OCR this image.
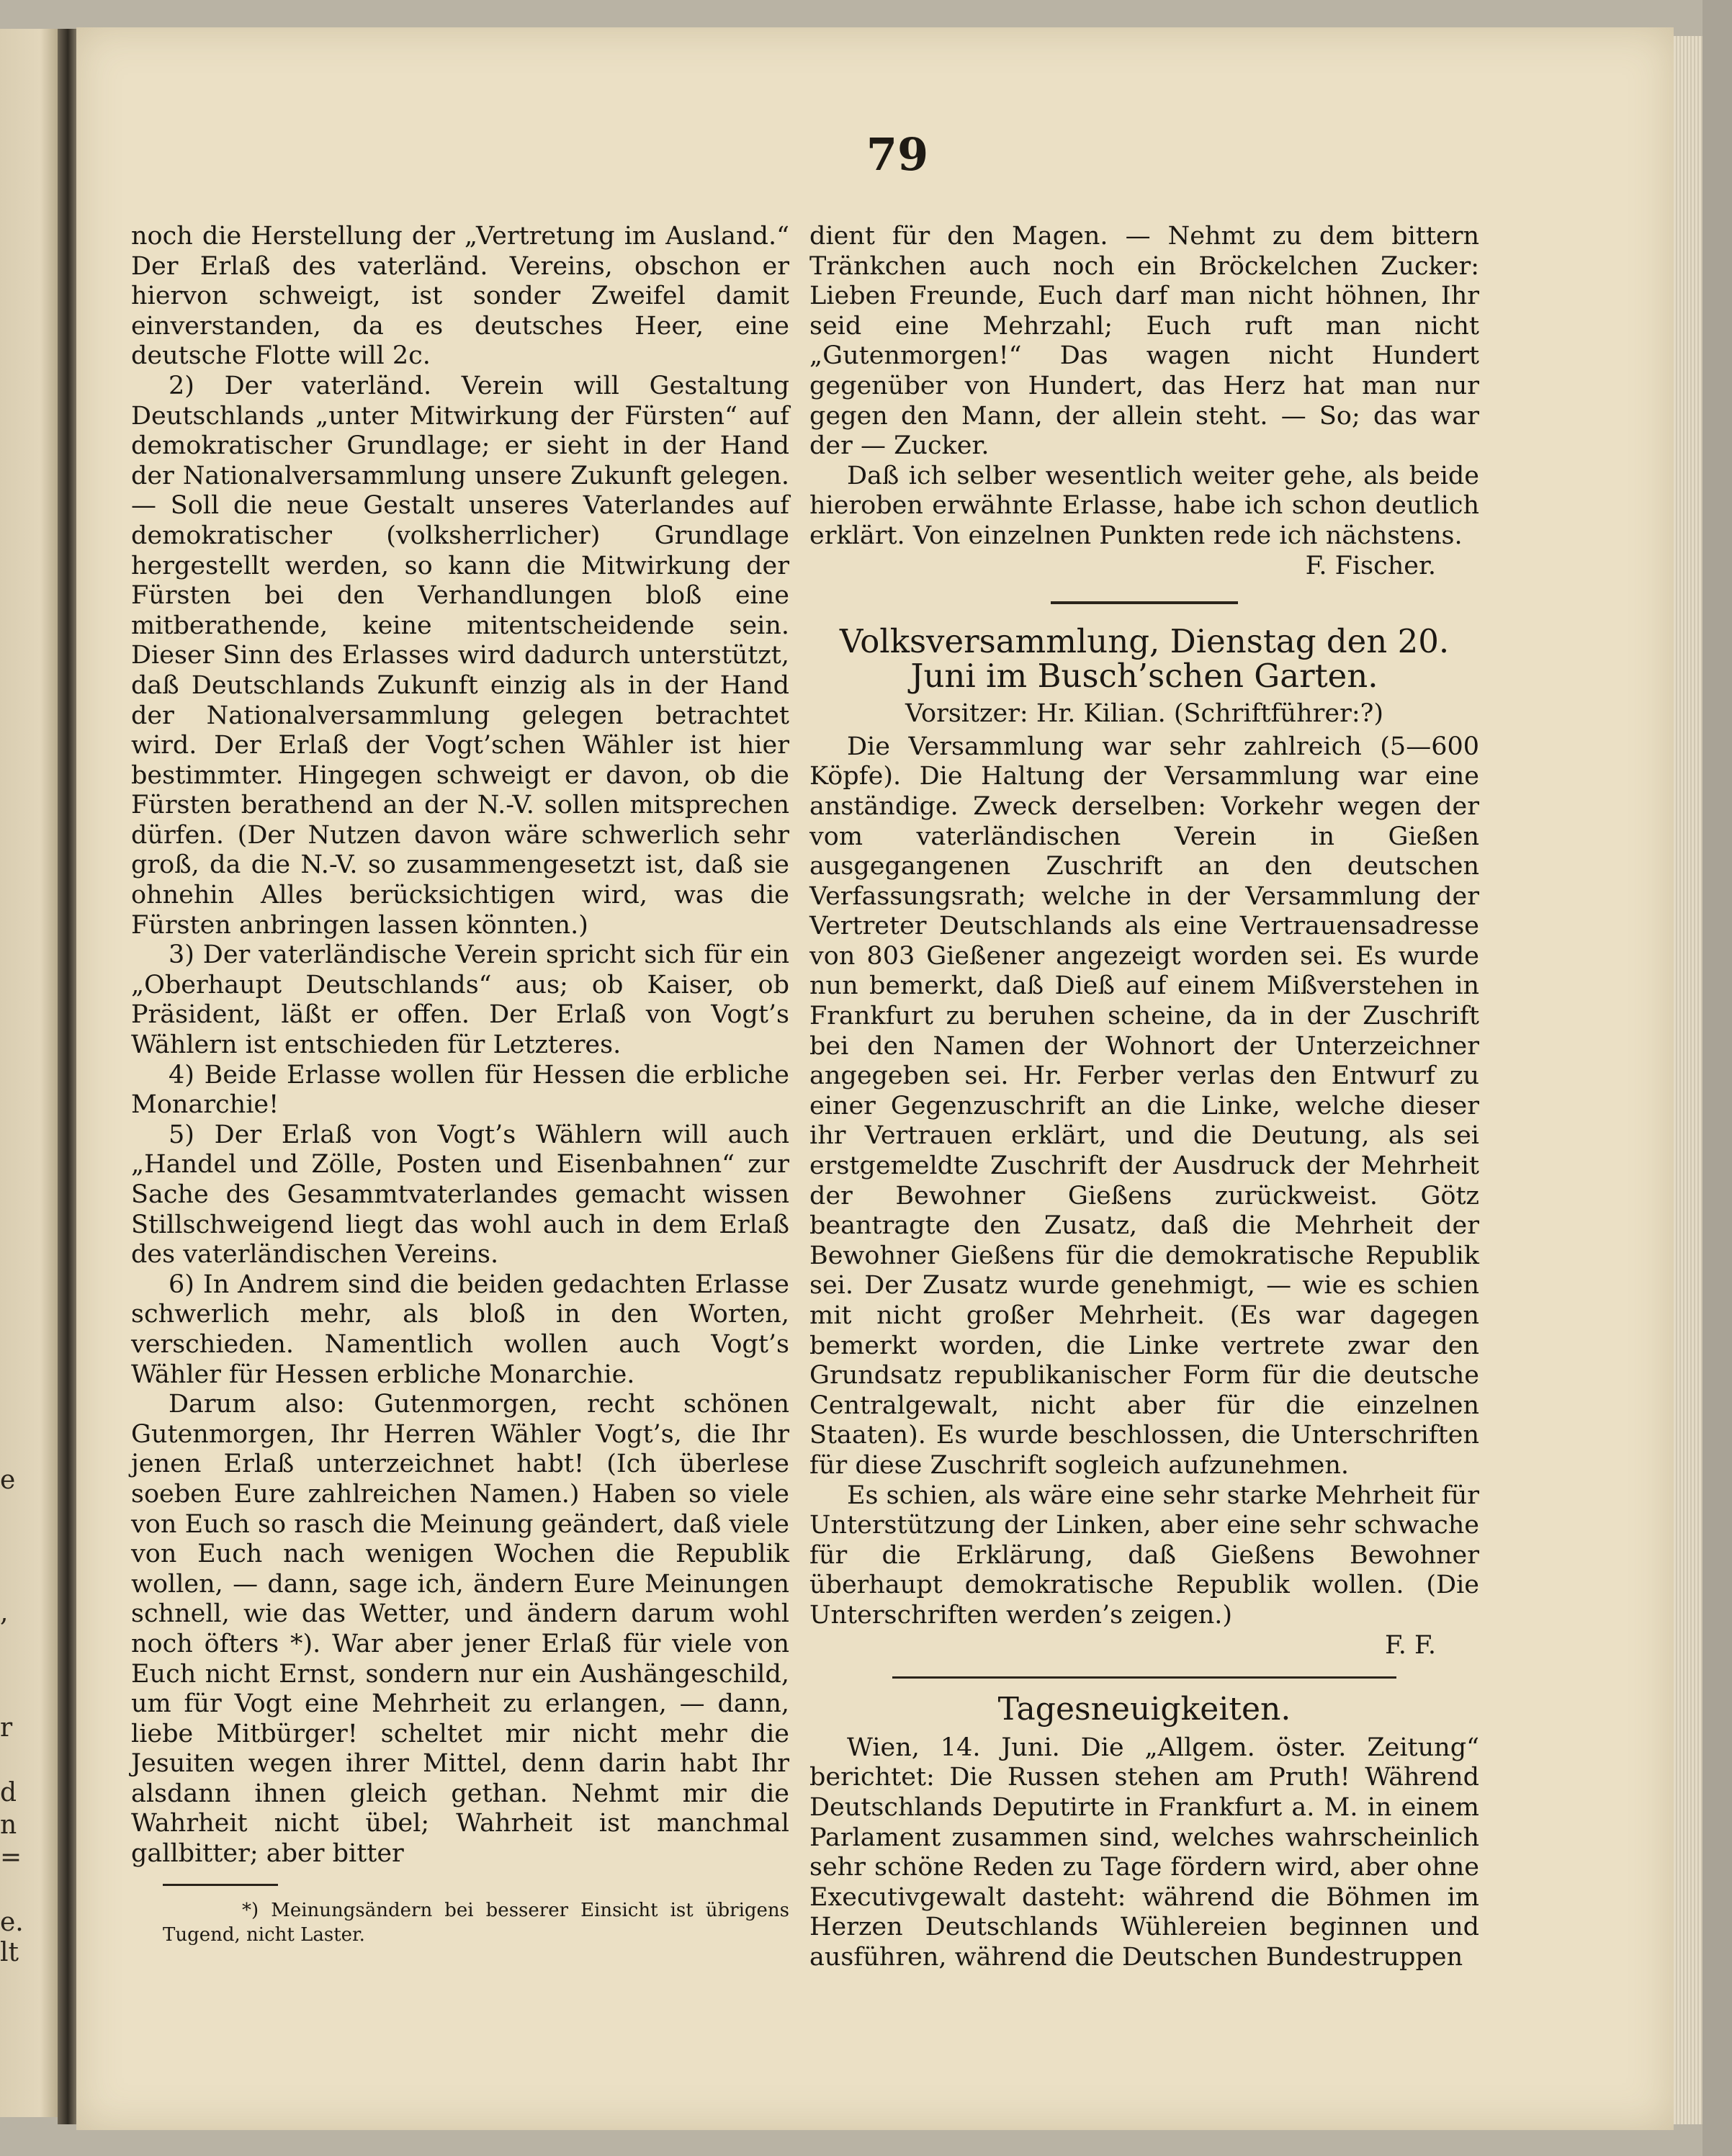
e
,
r
d
n
=
e.
lt
79

noch die Herstellung der „Vertretung im Ausland.“ Der Erlaß des vaterländ. Vereins, obschon er hiervon schweigt, ist sonder Zweifel damit einverstanden, da es deutsches Heer, eine deutsche Flotte will 2c.

2) Der vaterländ. Verein will Gestaltung Deutschlands „unter Mitwirkung der Fürsten“ auf demokratischer Grundlage; er sieht in der Hand der Nationalversammlung unsere Zukunft gelegen. — Soll die neue Gestalt unseres Vaterlandes auf demokratischer (volksherrlicher) Grundlage hergestellt werden, so kann die Mitwirkung der Fürsten bei den Verhandlungen bloß eine mitberathende, keine mitentscheidende sein. Dieser Sinn des Erlasses wird dadurch unterstützt, daß Deutschlands Zukunft einzig als in der Hand der Nationalversammlung gelegen betrachtet wird. Der Erlaß der Vogt’schen Wähler ist hier bestimmter. Hingegen schweigt er davon, ob die Fürsten berathend an der N.-V. sollen mitsprechen dürfen. (Der Nutzen davon wäre schwerlich sehr groß, da die N.-V. so zusammengesetzt ist, daß sie ohnehin Alles berücksichtigen wird, was die Fürsten anbringen lassen könnten.)

3) Der vaterländische Verein spricht sich für ein „Oberhaupt Deutschlands“ aus; ob Kaiser, ob Präsident, läßt er offen. Der Erlaß von Vogt’s Wählern ist entschieden für Letzteres.

4) Beide Erlasse wollen für Hessen die erbliche Monarchie!

5) Der Erlaß von Vogt’s Wählern will auch „Handel und Zölle, Posten und Eisenbahnen“ zur Sache des Gesammtvaterlandes gemacht wissen Stillschweigend liegt das wohl auch in dem Erlaß des vaterländischen Vereins.

6) In Andrem sind die beiden gedachten Erlasse schwerlich mehr, als bloß in den Worten, verschieden. Namentlich wollen auch Vogt’s Wähler für Hessen erbliche Monarchie.

Darum also: Gutenmorgen, recht schönen Gutenmorgen, Ihr Herren Wähler Vogt’s, die Ihr jenen Erlaß unterzeichnet habt! (Ich überlese soeben Eure zahlreichen Namen.) Haben so viele von Euch so rasch die Meinung geändert, daß viele von Euch nach wenigen Wochen die Republik wollen, — dann, sage ich, ändern Eure Meinungen schnell, wie das Wetter, und ändern darum wohl noch öfters *). War aber jener Erlaß für viele von Euch nicht Ernst, sondern nur ein Aushängeschild, um für Vogt eine Mehrheit zu erlangen, — dann, liebe Mitbürger! scheltet mir nicht mehr die Jesuiten wegen ihrer Mittel, denn darin habt Ihr alsdann ihnen gleich gethan. Nehmt mir die Wahrheit nicht übel; Wahrheit ist manchmal gallbitter; aber bitter

*) Meinungsändern bei besserer Einsicht ist übrigens Tugend, nicht Laster.

dient für den Magen. — Nehmt zu dem bittern Tränkchen auch noch ein Bröckelchen Zucker: Lieben Freunde, Euch darf man nicht höhnen, Ihr seid eine Mehrzahl; Euch ruft man nicht „Gutenmorgen!“ Das wagen nicht Hundert gegenüber von Hundert, das Herz hat man nur gegen den Mann, der allein steht. — So; das war der — Zucker.

Daß ich selber wesentlich weiter gehe, als beide hieroben erwähnte Erlasse, habe ich schon deutlich erklärt. Von einzelnen Punkten rede ich nächstens.

F. Fischer.

Volksversammlung, Dienstag den 20. Juni im Busch’schen Garten.

Vorsitzer: Hr. Kilian. (Schriftführer:?)

Die Versammlung war sehr zahlreich (5—600 Köpfe). Die Haltung der Versammlung war eine anständige. Zweck derselben: Vorkehr wegen der vom vaterländischen Verein in Gießen ausgegangenen Zuschrift an den deutschen Verfassungsrath; welche in der Versammlung der Vertreter Deutschlands als eine Vertrauensadresse von 803 Gießener angezeigt worden sei. Es wurde nun bemerkt, daß Dieß auf einem Mißverstehen in Frankfurt zu beruhen scheine, da in der Zuschrift bei den Namen der Wohnort der Unterzeichner angegeben sei. Hr. Ferber verlas den Entwurf zu einer Gegenzuschrift an die Linke, welche dieser ihr Vertrauen erklärt, und die Deutung, als sei erstgemeldte Zuschrift der Ausdruck der Mehrheit der Bewohner Gießens zurückweist. Götz beantragte den Zusatz, daß die Mehrheit der Bewohner Gießens für die demokratische Republik sei. Der Zusatz wurde genehmigt, — wie es schien mit nicht großer Mehrheit. (Es war dagegen bemerkt worden, die Linke vertrete zwar den Grundsatz republikanischer Form für die deutsche Centralgewalt, nicht aber für die einzelnen Staaten). Es wurde beschlossen, die Unterschriften für diese Zuschrift sogleich aufzunehmen.

Es schien, als wäre eine sehr starke Mehrheit für Unterstützung der Linken, aber eine sehr schwache für die Erklärung, daß Gießens Bewohner überhaupt demokratische Republik wollen. (Die Unterschriften werden’s zeigen.)

F. F.

Tagesneuigkeiten.

Wien, 14. Juni. Die „Allgem. öster. Zeitung“ berichtet: Die Russen stehen am Pruth! Während Deutschlands Deputirte in Frankfurt a. M. in einem Parlament zusammen sind, welches wahrscheinlich sehr schöne Reden zu Tage fördern wird, aber ohne Executivgewalt dasteht: während die Böhmen im Herzen Deutschlands Wühlereien beginnen und ausführen, während die Deutschen Bundestruppen
